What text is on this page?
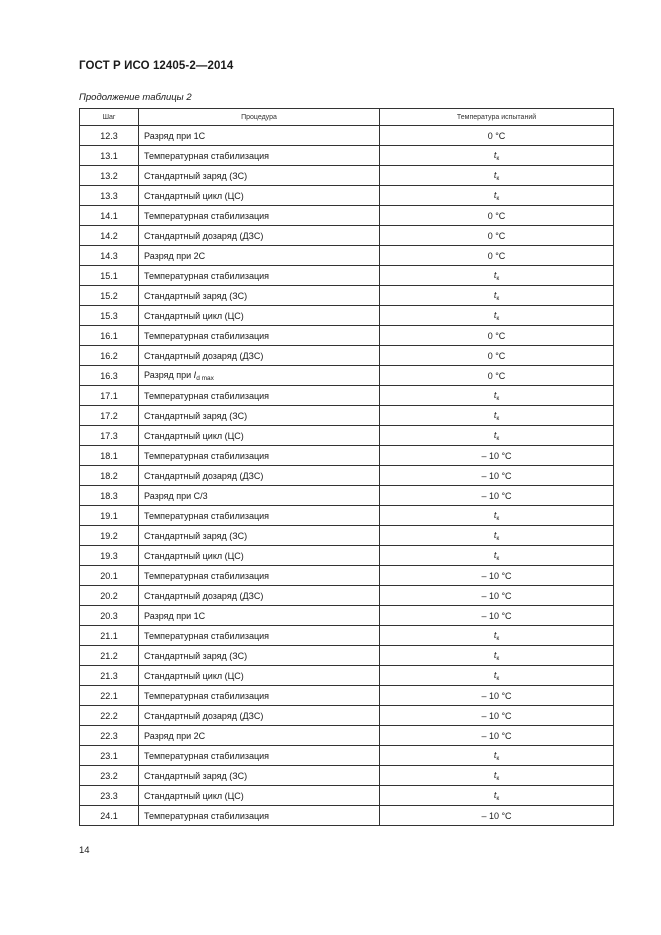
ГОСТ Р ИСО 12405-2—2014
Продолжение таблицы 2
Шаг	Процедура	Температура испытаний
12.3	Разряд при 1С	0 °С
13.1	Температурная стабилизация	$t_к$
13.2	Стандартный заряд (ЗС)	$t_к$
13.3	Стандартный цикл (ЦС)	$t_к$
14.1	Температурная стабилизация	0 °С
14.2	Стандартный дозаряд (ДЗС)	0 °С
14.3	Разряд при 2С	0 °С
15.1	Температурная стабилизация	$t_к$
15.2	Стандартный заряд (ЗС)	$t_к$
15.3	Стандартный цикл (ЦС)	$t_к$
16.1	Температурная стабилизация	0 °С
16.2	Стандартный дозаряд (ДЗС)	0 °С
16.3	Разряд при $I_{d max}$	0 °С
17.1	Температурная стабилизация	$t_к$
17.2	Стандартный заряд (ЗС)	$t_к$
17.3	Стандартный цикл (ЦС)	$t_к$
18.1	Температурная стабилизация	– 10 °С
18.2	Стандартный дозаряд (ДЗС)	– 10 °С
18.3	Разряд при С/3	– 10 °С
19.1	Температурная стабилизация	$t_к$
19.2	Стандартный заряд (ЗС)	$t_к$
19.3	Стандартный цикл (ЦС)	$t_к$
20.1	Температурная стабилизация	– 10 °С
20.2	Стандартный дозаряд (ДЗС)	– 10 °С
20.3	Разряд при 1С	– 10 °С
21.1	Температурная стабилизация	$t_к$
21.2	Стандартный заряд (ЗС)	$t_к$
21.3	Стандартный цикл (ЦС)	$t_к$
22.1	Температурная стабилизация	– 10 °С
22.2	Стандартный дозаряд (ДЗС)	– 10 °С
22.3	Разряд при 2С	– 10 °С
23.1	Температурная стабилизация	$t_к$
23.2	Стандартный заряд (ЗС)	$t_к$
23.3	Стандартный цикл (ЦС)	$t_к$
24.1	Температурная стабилизация	– 10 °С
14
